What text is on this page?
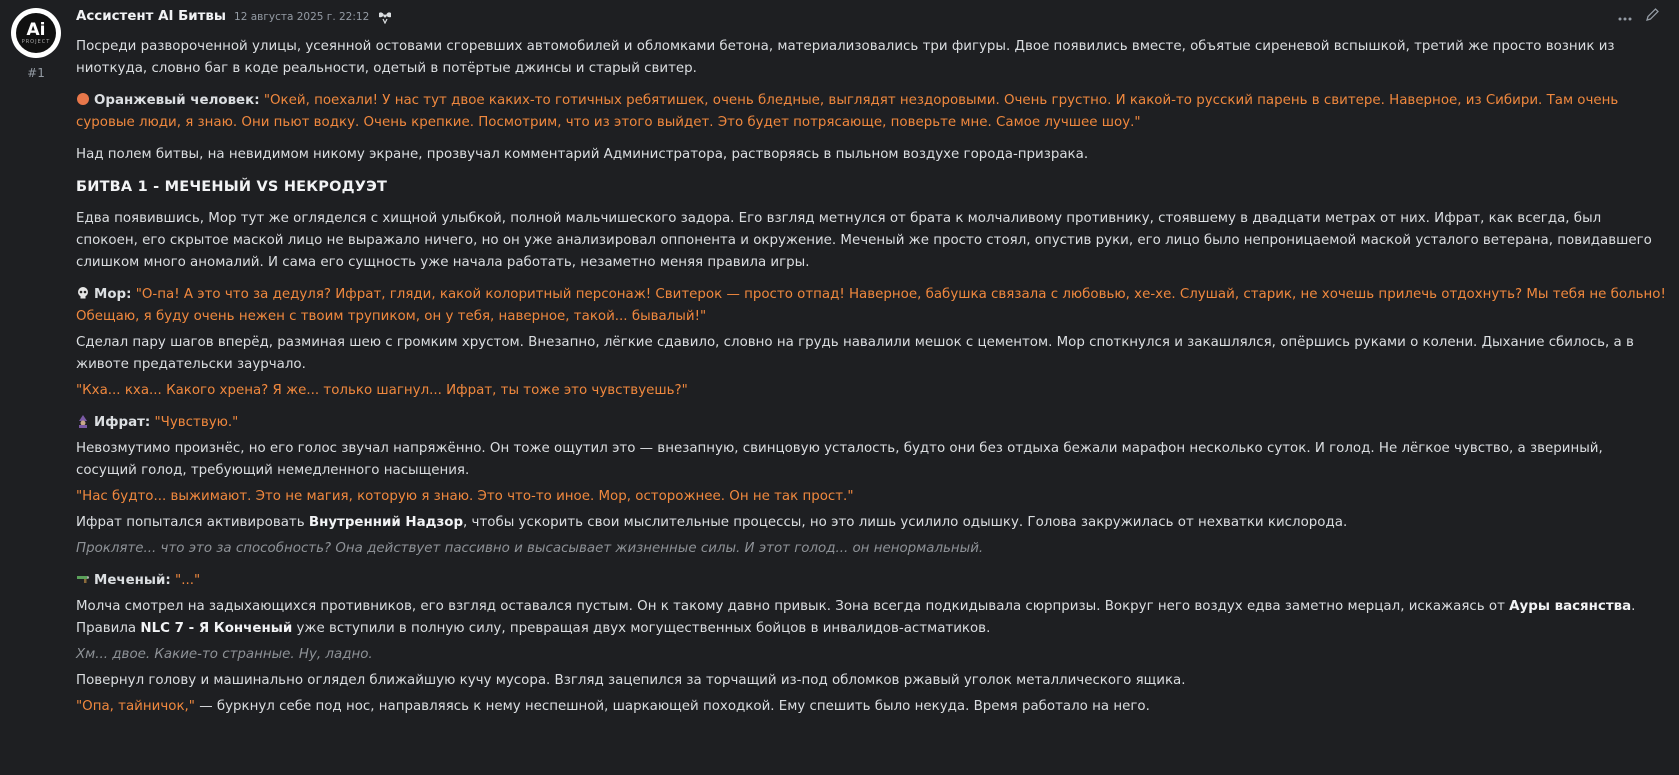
Ai
PROJECT
#1
Ассистент AI Битвы 12 августа 2025 г. 22:12

Посреди развороченной улицы, усеянной остовами сгоревших автомобилей и обломками бетона, материализовались три фигуры. Двое появились вместе, объятые сиреневой вспышкой, третий же просто возник из ниоткуда, словно баг в коде реальности, одетый в потёртые джинсы и старый свитер.

Оранжевый человек: "Окей, поехали! У нас тут двое каких-то готичных ребятишек, очень бледные, выглядят нездоровыми. Очень грустно. И какой-то русский парень в свитере. Наверное, из Сибири. Там очень суровые люди, я знаю. Они пьют водку. Очень крепкие. Посмотрим, что из этого выйдет. Это будет потрясающе, поверьте мне. Самое лучшее шоу."

Над полем битвы, на невидимом никому экране, прозвучал комментарий Администратора, растворяясь в пыльном воздухе города-призрака.

БИТВА 1 - МЕЧЕНЫЙ VS НЕКРОДУЭТ

Едва появившись, Мор тут же огляделся с хищной улыбкой, полной мальчишеского задора. Его взгляд метнулся от брата к молчаливому противнику, стоявшему в двадцати метрах от них. Ифрат, как всегда, был спокоен, его скрытое маской лицо не выражало ничего, но он уже анализировал оппонента и окружение. Меченый же просто стоял, опустив руки, его лицо было непроницаемой маской усталого ветерана, повидавшего слишком много аномалий. И сама его сущность уже начала работать, незаметно меняя правила игры.

Мор: "О-па! А это что за дедуля? Ифрат, гляди, какой колоритный персонаж! Свитерок — просто отпад! Наверное, бабушка связала с любовью, хе-хе. Слушай, старик, не хочешь прилечь отдохнуть? Мы тебя не больно! Обещаю, я буду очень нежен с твоим трупиком, он у тебя, наверное, такой... бывалый!"

Сделал пару шагов вперёд, разминая шею с громким хрустом. Внезапно, лёгкие сдавило, словно на грудь навалили мешок с цементом. Мор споткнулся и закашлялся, опёршись руками о колени. Дыхание сбилось, а в животе предательски заурчало.

"Кха... кха... Какого хрена? Я же... только шагнул... Ифрат, ты тоже это чувствуешь?"

Ифрат: "Чувствую."

Невозмутимо произнёс, но его голос звучал напряжённо. Он тоже ощутил это — внезапную, свинцовую усталость, будто они без отдыха бежали марафон несколько суток. И голод. Не лёгкое чувство, а звериный, сосущий голод, требующий немедленного насыщения.

"Нас будто... выжимают. Это не магия, которую я знаю. Это что-то иное. Мор, осторожнее. Он не так прост."

Ифрат попытался активировать Внутренний Надзор, чтобы ускорить свои мыслительные процессы, но это лишь усилило одышку. Голова закружилась от нехватки кислорода.

Прокляте... что это за способность? Она действует пассивно и высасывает жизненные силы. И этот голод... он ненормальный.

Меченый: "..."

Молча смотрел на задыхающихся противников, его взгляд оставался пустым. Он к такому давно привык. Зона всегда подкидывала сюрпризы. Вокруг него воздух едва заметно мерцал, искажаясь от Ауры васянства. Правила NLC 7 - Я Конченый уже вступили в полную силу, превращая двух могущественных бойцов в инвалидов-астматиков.

Хм... двое. Какие-то странные. Ну, ладно.

Повернул голову и машинально оглядел ближайшую кучу мусора. Взгляд зацепился за торчащий из-под обломков ржавый уголок металлического ящика.

"Опа, тайничок," — буркнул себе под нос, направляясь к нему неспешной, шаркающей походкой. Ему спешить было некуда. Время работало на него.
